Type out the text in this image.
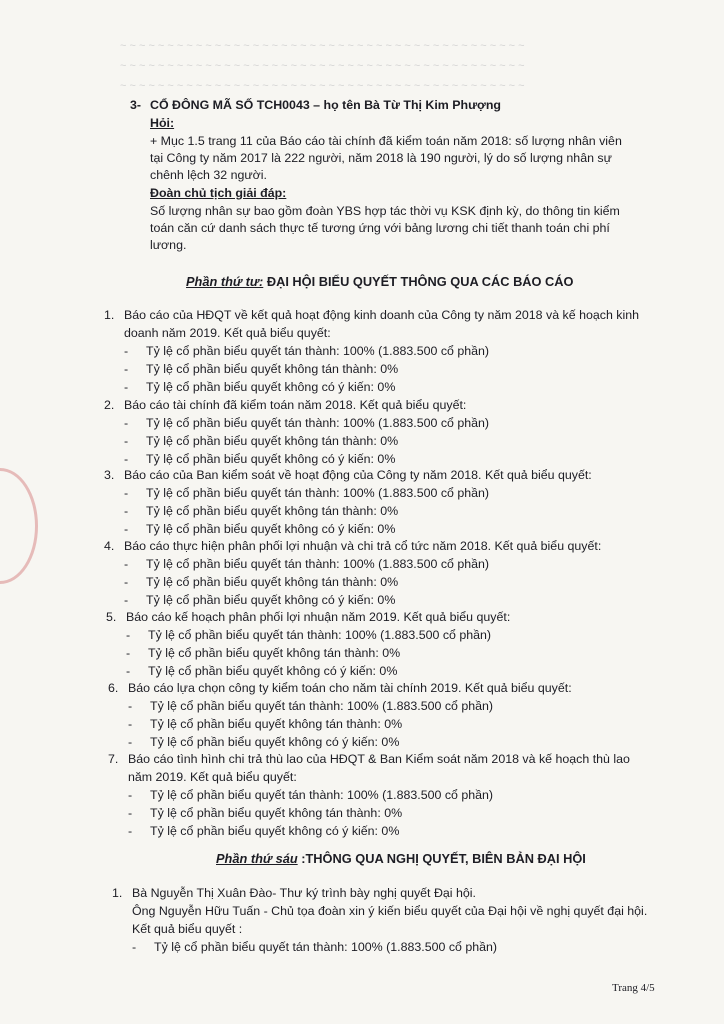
~ ~ ~ ~ ~ ~ ~ ~ ~ ~ ~ ~ ~ ~ ~ ~ ~ ~ ~ ~ ~ ~ ~ ~ ~ ~ ~ ~ ~ ~ ~ ~ ~ ~ ~ ~ ~ ~ ~ ~ ~ ~ ~
~ ~ ~ ~ ~ ~ ~ ~ ~ ~ ~ ~ ~ ~ ~ ~ ~ ~ ~ ~ ~ ~ ~ ~ ~ ~ ~ ~ ~ ~ ~ ~ ~ ~ ~ ~ ~ ~ ~ ~ ~ ~ ~
~ ~ ~ ~ ~ ~ ~ ~ ~ ~ ~ ~ ~ ~ ~ ~ ~ ~ ~ ~ ~ ~ ~ ~ ~ ~ ~ ~ ~ ~ ~ ~ ~ ~ ~ ~ ~ ~ ~ ~ ~ ~ ~
3- CỔ ĐÔNG MÃ SỐ TCH0043 – họ tên Bà Từ Thị Kim Phượng
Hỏi:
+ Mục 1.5 trang 11 của Báo cáo tài chính đã kiểm toán năm 2018: số lượng nhân viên
tại Công ty năm 2017 là 222 người, năm 2018 là 190 người, lý do số lượng nhân sự
chênh lệch 32 người.
Đoàn chủ tịch giải đáp:
Số lượng nhân sự bao gồm đoàn YBS hợp tác thời vụ KSK định kỳ, do thông tin kiểm
toán căn cứ danh sách thực tế tương ứng với bảng lương chi tiết thanh toán chi phí
lương.
Phần thứ tư: ĐẠI HỘI BIỂU QUYẾT THÔNG QUA CÁC BÁO CÁO
1. Báo cáo của HĐQT về kết quả hoạt động kinh doanh của Công ty năm 2018 và kế hoạch kinh
doanh năm 2019. Kết quả biểu quyết:
- Tỷ lệ cổ phần biểu quyết tán thành: 100% (1.883.500 cổ phần)
- Tỷ lệ cổ phần biểu quyết không tán thành: 0%
- Tỷ lệ cổ phần biểu quyết không có ý kiến: 0%
2. Báo cáo tài chính đã kiểm toán năm 2018. Kết quả biểu quyết:
- Tỷ lệ cổ phần biểu quyết tán thành: 100% (1.883.500 cổ phần)
- Tỷ lệ cổ phần biểu quyết không tán thành: 0%
- Tỷ lệ cổ phần biểu quyết không có ý kiến: 0%
3. Báo cáo của Ban kiểm soát về hoạt động của Công ty năm 2018. Kết quả biểu quyết:
- Tỷ lệ cổ phần biểu quyết tán thành: 100% (1.883.500 cổ phần)
- Tỷ lệ cổ phần biểu quyết không tán thành: 0%
- Tỷ lệ cổ phần biểu quyết không có ý kiến: 0%
4. Báo cáo thực hiện phân phối lợi nhuận và chi trả cổ tức năm 2018. Kết quả biểu quyết:
- Tỷ lệ cổ phần biểu quyết tán thành: 100% (1.883.500 cổ phần)
- Tỷ lệ cổ phần biểu quyết không tán thành: 0%
- Tỷ lệ cổ phần biểu quyết không có ý kiến: 0%
5. Báo cáo kế hoạch phân phối lợi nhuận năm 2019. Kết quả biểu quyết:
- Tỷ lệ cổ phần biểu quyết tán thành: 100% (1.883.500 cổ phần)
- Tỷ lệ cổ phần biểu quyết không tán thành: 0%
- Tỷ lệ cổ phần biểu quyết không có ý kiến: 0%
6. Báo cáo lựa chọn công ty kiểm toán cho năm tài chính 2019. Kết quả biểu quyết:
- Tỷ lệ cổ phần biểu quyết tán thành: 100% (1.883.500 cổ phần)
- Tỷ lệ cổ phần biểu quyết không tán thành: 0%
- Tỷ lệ cổ phần biểu quyết không có ý kiến: 0%
7. Báo cáo tình hình chi trả thù lao của HĐQT & Ban Kiểm soát năm 2018 và kế hoạch thù lao
năm 2019. Kết quả biểu quyết:
- Tỷ lệ cổ phần biểu quyết tán thành: 100% (1.883.500 cổ phần)
- Tỷ lệ cổ phần biểu quyết không tán thành: 0%
- Tỷ lệ cổ phần biểu quyết không có ý kiến: 0%
Phần thứ sáu :THÔNG QUA NGHỊ QUYẾT, BIÊN BẢN ĐẠI HỘI
1. Bà Nguyễn Thị Xuân Đào- Thư ký trình bày nghị quyết Đại hội.
Ông Nguyễn Hữu Tuấn - Chủ tọa đoàn xin ý kiến biểu quyết của Đại hội về nghị quyết đại hội.
Kết quả biểu quyết :
- Tỷ lệ cổ phần biểu quyết tán thành: 100% (1.883.500 cổ phần)
Trang 4/5
